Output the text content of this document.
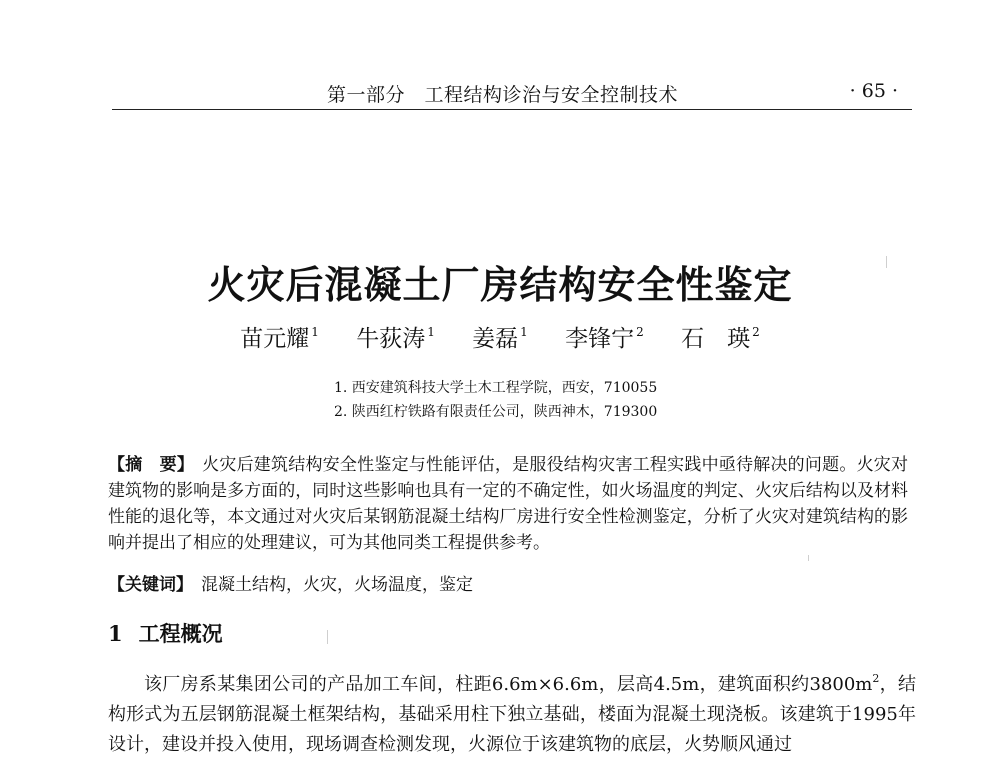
第一部分　工程结构诊治与安全控制技术	· 65 ·
火灾后混凝土厂房结构安全性鉴定
苗元耀 $^1$ 牛荻涛 $^1$ 姜磊 $^1$ 李锋宁 $^2$ 石　瑛 $^2$
1. 西安建筑科技大学土木工程学院，西安，710055
2. 陕西红柠铁路有限责任公司，陕西神木，719300
【摘　要】 火灾后建筑结构安全性鉴定与性能评估，是服役结构灾害工程实践中亟待解决的问题。火灾对建筑物的影响是多方面的，同时这些影响也具有一定的不确定性，如火场温度的判定、火灾后结构以及材料性能的退化等，本文通过对火灾后某钢筋混凝土结构厂房进行安全性检测鉴定，分析了火灾对建筑结构的影响并提出了相应的处理建议，可为其他同类工程提供参考。
【关键词】 混凝土结构，火灾，火场温度，鉴定
1 工程概况
该厂房系某集团公司的产品加工车间，柱距6.6m×6.6m，层高4.5m，建筑面积约$3800m^2$，结构形式为五层钢筋混凝土框架结构，基础采用柱下独立基础，楼面为混凝土现浇板。该建筑于1995年设计，建设并投入使用，现场调查检测发现，火源位于该建筑物的底层，火势顺风通过
